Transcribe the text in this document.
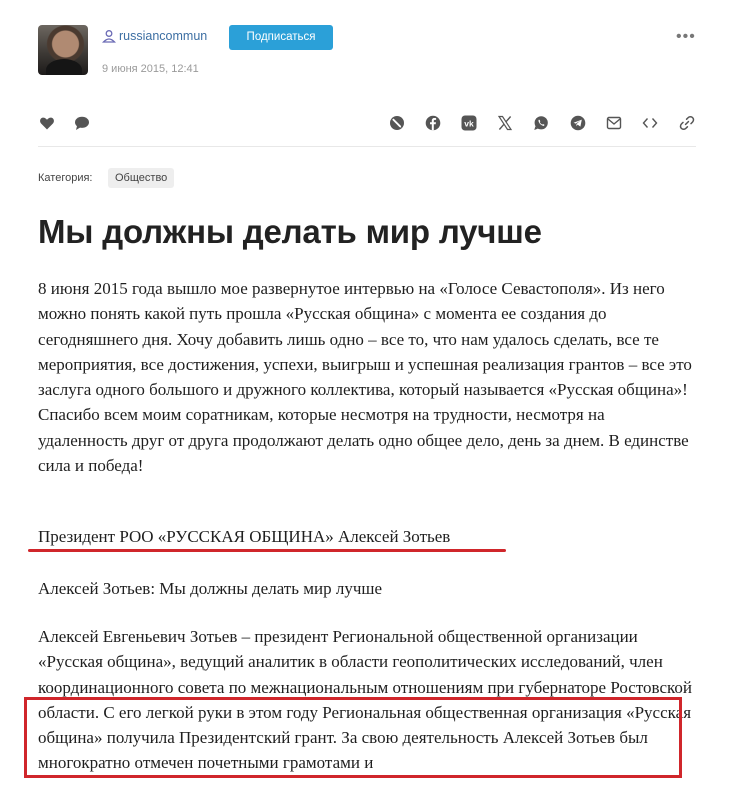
russiancommun	Подписаться
9 июня 2015, 12:41
•••
vk
Категория:	Общество
Мы должны делать мир лучше

8 июня 2015 года вышло мое развернутое интервью на «Голосе Севастополя». Из него можно понять какой путь прошла «Русская община» с момента ее создания до сегодняшнего дня. Хочу добавить лишь одно – все то, что нам удалось сделать, все те мероприятия, все достижения, успехи, выигрыш и успешная реализация грантов – все это заслуга одного большого и дружного коллектива, который называется «Русская община»! Спасибо всем моим соратникам, которые несмотря на трудности, несмотря на удаленность друг от друга продолжают делать одно общее дело, день за днем. В единстве сила и победа!

Президент РОО «РУССКАЯ ОБЩИНА» Алексей Зотьев

Алексей Зотьев: Мы должны делать мир лучше

Алексей Евгеньевич Зотьев – президент Региональной общественной организации «Русская община», ведущий аналитик в области геополитических исследований, член координационного совета по межнациональным отношениям при губернаторе Ростовской области. С его легкой руки в этом году Региональная общественная организация «Русская община» получила Президентский грант. За свою деятельность Алексей Зотьев был многократно отмечен почетными грамотами и
